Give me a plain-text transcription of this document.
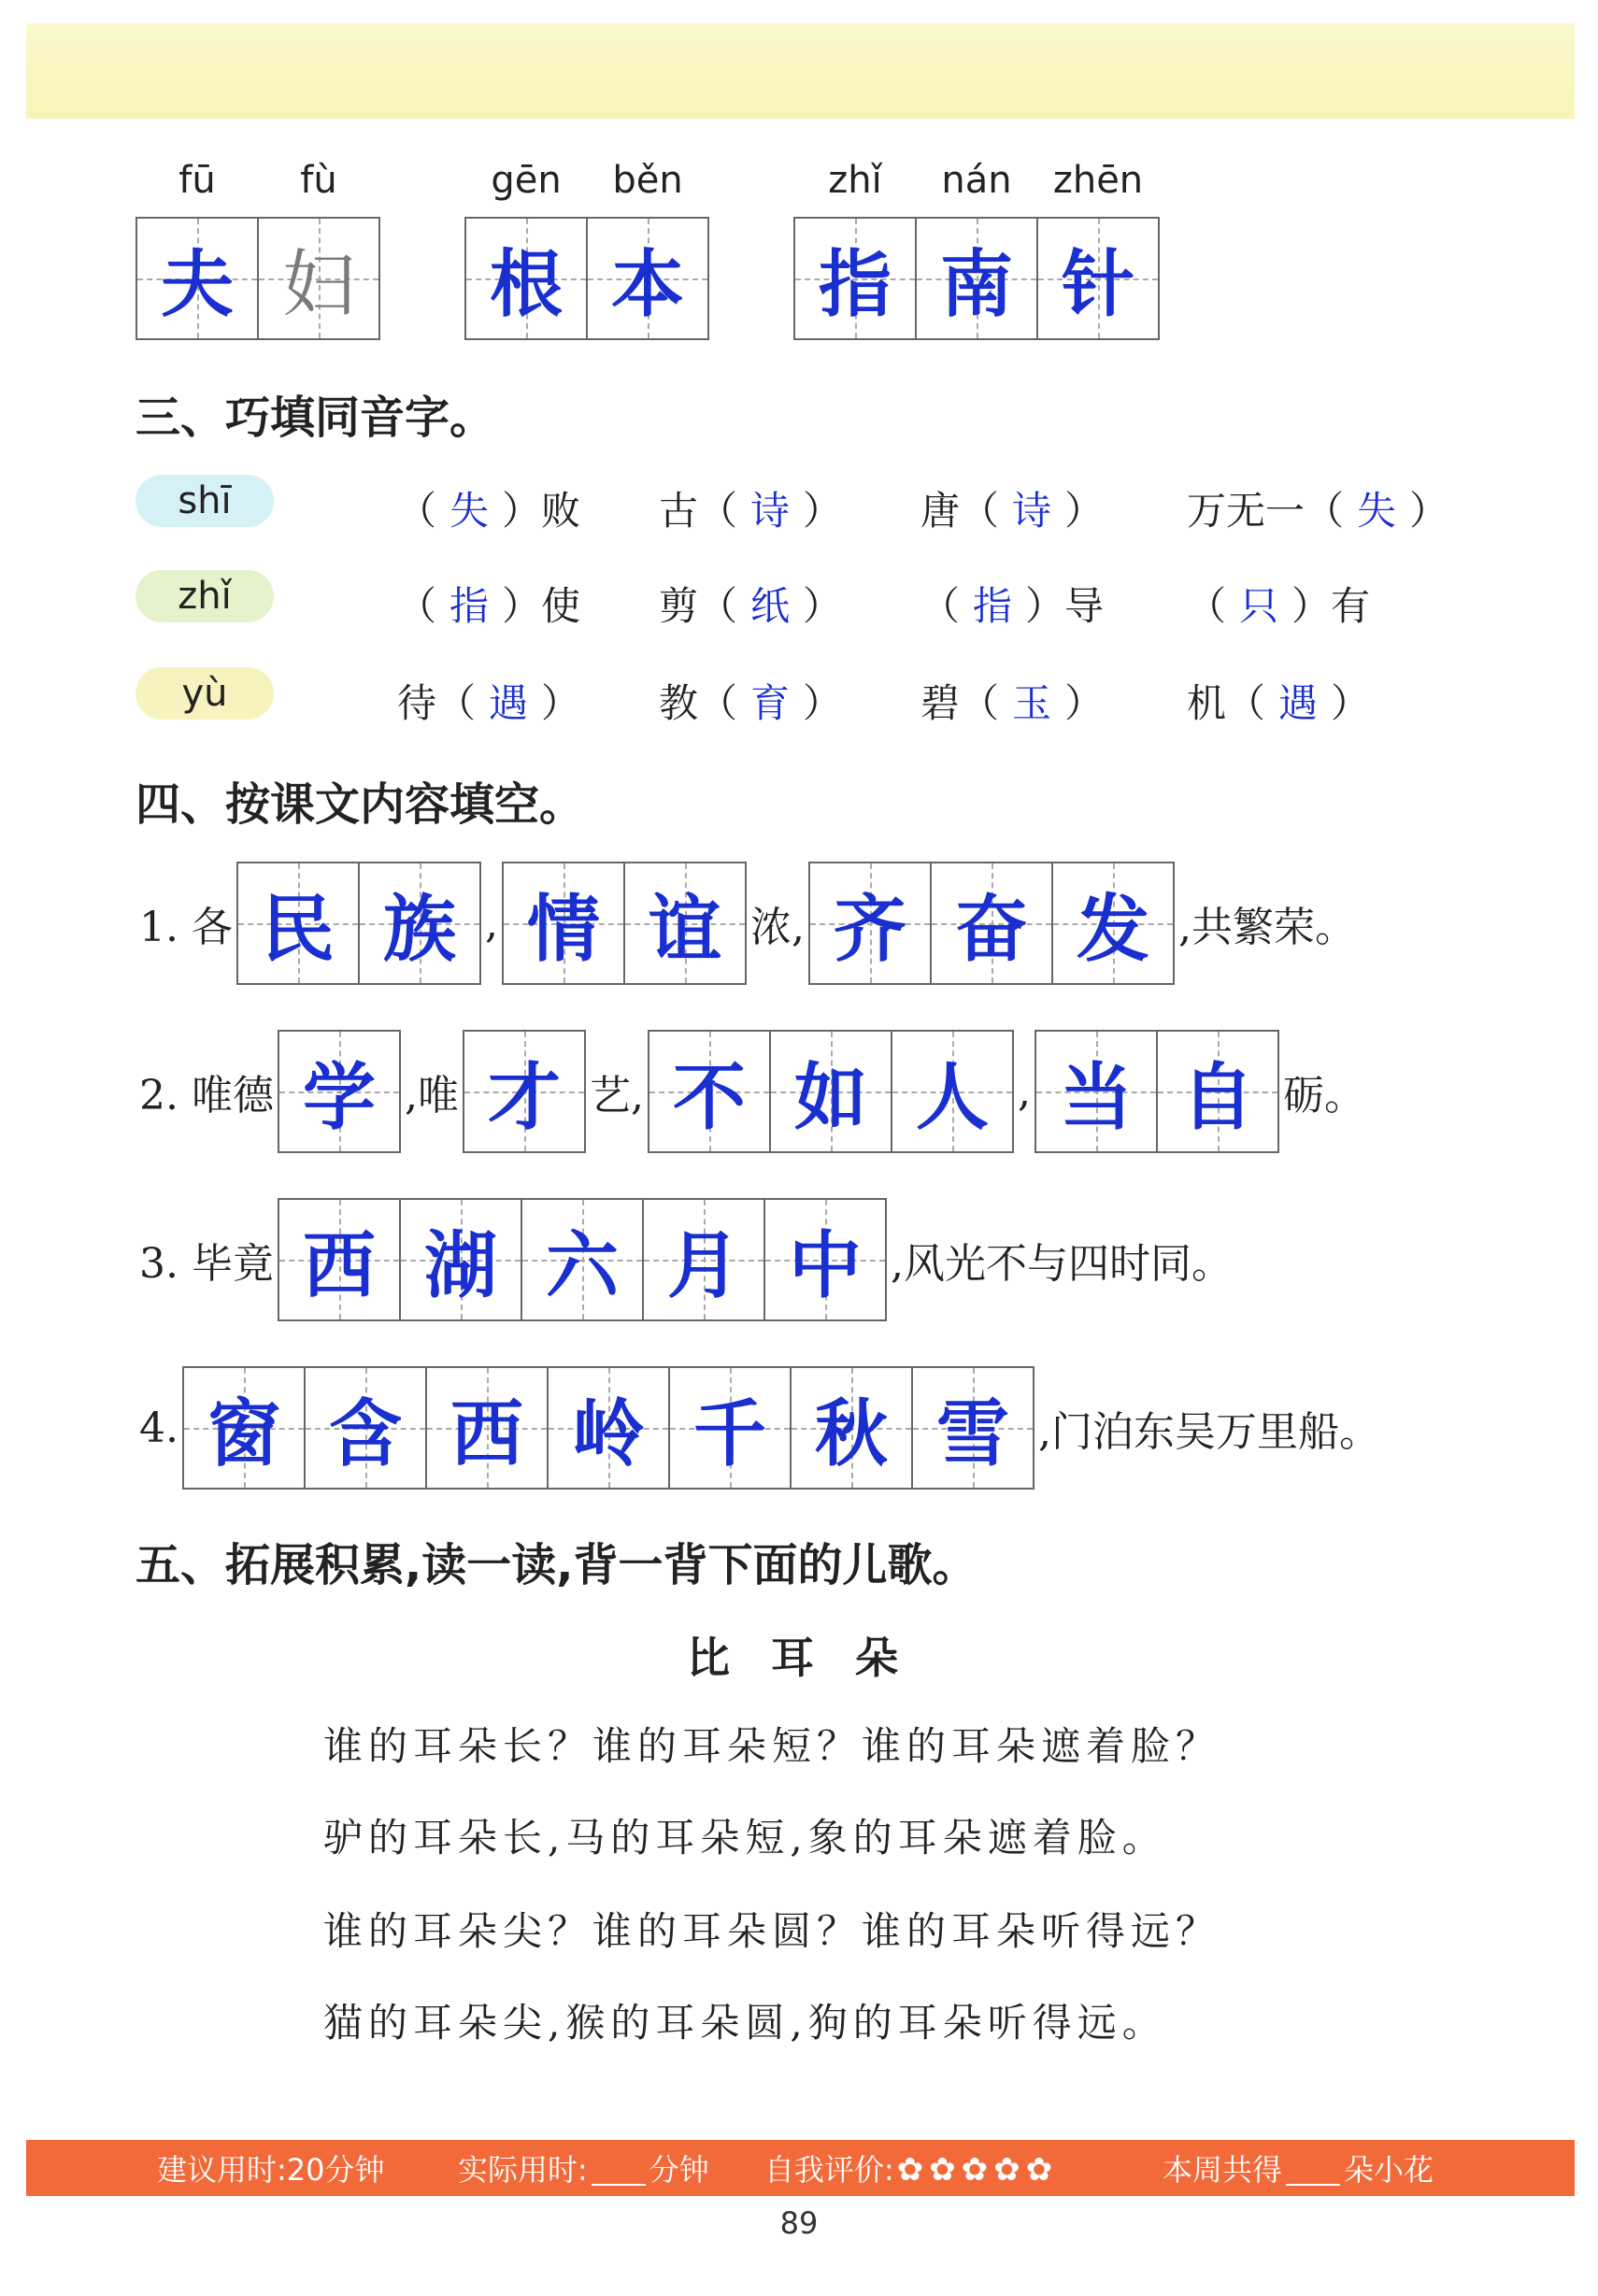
fū	fù
夫 妇
gēn	běn
根 本
zhǐ	nán	zhēn
指 南 针
三、巧填同音字。
shī	（ 失 ）败 古（ 诗 ） 唐（ 诗 ） 万无一（ 失 ）
zhǐ	（ 指 ）使 剪（ 纸 ） （ 指 ）导 （ 只 ）有
yù	待（ 遇 ） 教（ 育 ） 碧（ 玉 ） 机（ 遇 ）
四、按课文内容填空。
1. 各 民 族 , 情 谊 浓, 齐 奋 发 ,共繁荣。
2. 唯德 学 ,唯 才 艺, 不 如 人 , 当 自 砺。
3. 毕竟 西 湖 六 月 中 ,风光不与四时同。
4. 窗 含 西 岭 千 秋 雪 ,门泊东吴万里船。
五、拓展积累,读一读,背一背下面的儿歌。
比 耳 朵
谁的耳朵长？谁的耳朵短？谁的耳朵遮着脸？
驴的耳朵长,马的耳朵短,象的耳朵遮着脸。
谁的耳朵尖？谁的耳朵圆？谁的耳朵听得远？
猫的耳朵尖,猴的耳朵圆,狗的耳朵听得远。
建议用时:20分钟 实际用时: 分钟 自我评价:✿ ✿ ✿ ✿ ✿	本周共得 朵小花
89
